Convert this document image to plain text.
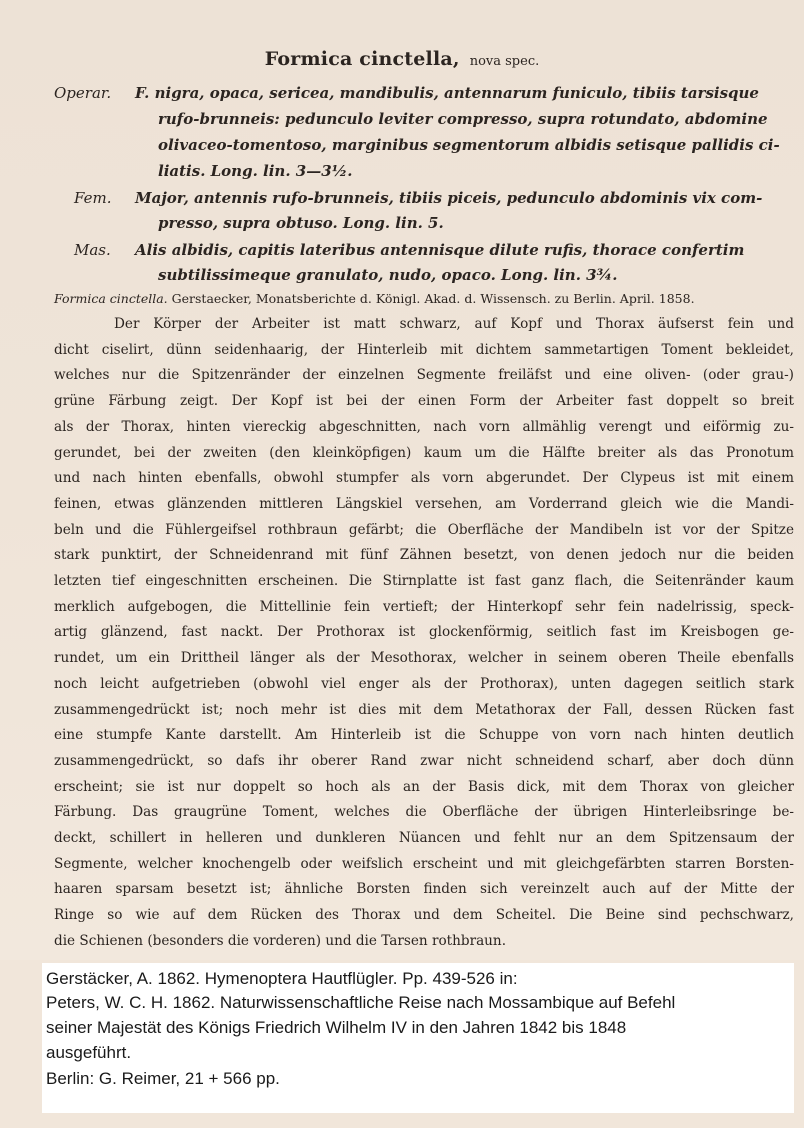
Formica cinctella, nova spec.
Operar. F. nigra, opaca, sericea, mandibulis, antennarum funiculo, tibiis tarsisque
rufo-brunneis: pedunculo leviter compresso, supra rotundato, abdomine
olivaceo-tomentoso, marginibus segmentorum albidis setisque pallidis ci-
liatis. Long. lin. 3—3½.
Fem. Major, antennis rufo-brunneis, tibiis piceis, pedunculo abdominis vix com-
presso, supra obtuso. Long. lin. 5.
Mas. Alis albidis, capitis lateribus antennisque dilute rufis, thorace confertim
subtilissimeque granulato, nudo, opaco. Long. lin. 3¾.
Formica cinctella. Gerstaecker, Monatsberichte d. Königl. Akad. d. Wissensch. zu Berlin. April. 1858.
Der Körper der Arbeiter ist matt schwarz, auf Kopf und Thorax äufserst fein und
dicht ciselirt, dünn seidenhaarig, der Hinterleib mit dichtem sammetartigen Toment bekleidet,
welches nur die Spitzenränder der einzelnen Segmente freiläfst und eine oliven- (oder grau-)
grüne Färbung zeigt. Der Kopf ist bei der einen Form der Arbeiter fast doppelt so breit
als der Thorax, hinten viereckig abgeschnitten, nach vorn allmählig verengt und eiförmig zu-
gerundet, bei der zweiten (den kleinköpfigen) kaum um die Hälfte breiter als das Pronotum
und nach hinten ebenfalls, obwohl stumpfer als vorn abgerundet. Der Clypeus ist mit einem
feinen, etwas glänzenden mittleren Längskiel versehen, am Vorderrand gleich wie die Mandi-
beln und die Fühlergeifsel rothbraun gefärbt; die Oberfläche der Mandibeln ist vor der Spitze
stark punktirt, der Schneidenrand mit fünf Zähnen besetzt, von denen jedoch nur die beiden
letzten tief eingeschnitten erscheinen. Die Stirnplatte ist fast ganz flach, die Seitenränder kaum
merklich aufgebogen, die Mittellinie fein vertieft; der Hinterkopf sehr fein nadelrissig, speck-
artig glänzend, fast nackt. Der Prothorax ist glockenförmig, seitlich fast im Kreisbogen ge-
rundet, um ein Drittheil länger als der Mesothorax, welcher in seinem oberen Theile ebenfalls
noch leicht aufgetrieben (obwohl viel enger als der Prothorax), unten dagegen seitlich stark
zusammengedrückt ist; noch mehr ist dies mit dem Metathorax der Fall, dessen Rücken fast
eine stumpfe Kante darstellt. Am Hinterleib ist die Schuppe von vorn nach hinten deutlich
zusammengedrückt, so dafs ihr oberer Rand zwar nicht schneidend scharf, aber doch dünn
erscheint; sie ist nur doppelt so hoch als an der Basis dick, mit dem Thorax von gleicher
Färbung. Das graugrüne Toment, welches die Oberfläche der übrigen Hinterleibsringe be-
deckt, schillert in helleren und dunkleren Nüancen und fehlt nur an dem Spitzensaum der
Segmente, welcher knochengelb oder weifslich erscheint und mit gleichgefärbten starren Borsten-
haaren sparsam besetzt ist; ähnliche Borsten finden sich vereinzelt auch auf der Mitte der
Ringe so wie auf dem Rücken des Thorax und dem Scheitel. Die Beine sind pechschwarz,
die Schienen (besonders die vorderen) und die Tarsen rothbraun.
Gerstäcker, A. 1862. Hymenoptera Hautflügler. Pp. 439-526 in:
Peters, W. C. H. 1862. Naturwissenschaftliche Reise nach Mossambique auf Befehl
seiner Majestät des Königs Friedrich Wilhelm IV in den Jahren 1842 bis 1848
ausgeführt.
Berlin: G. Reimer, 21 + 566 pp.
